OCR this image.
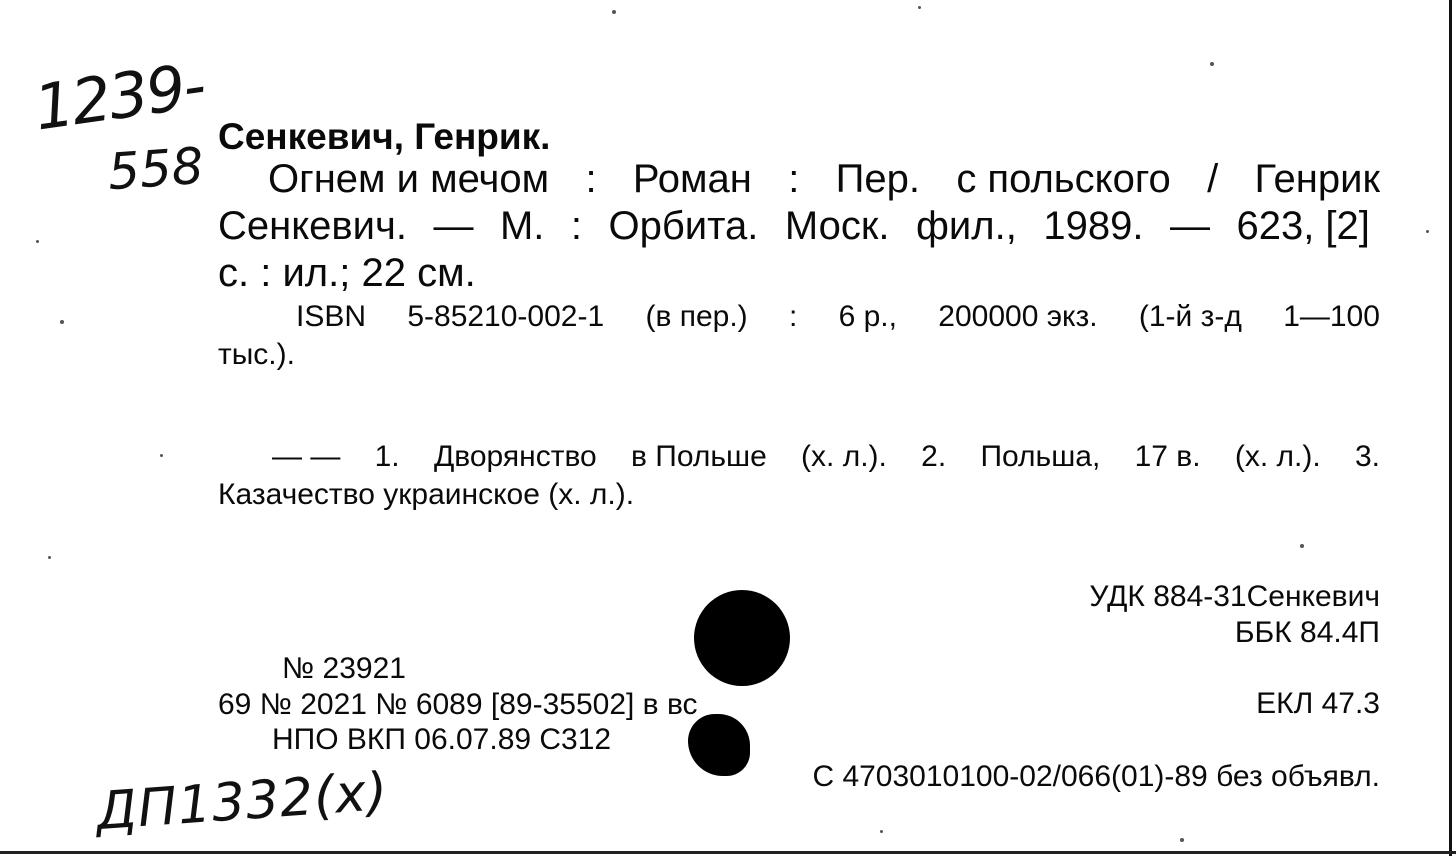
1239-
558
ДП1332(х)
Сенкевич, Генрик.
Огнем и мечом : Роман : Пер. с польского / Генрик
Сенкевич. — М. : Орбита. Моск. фил., 1989. — 623, [2]
с. : ил.; 22 см.
ISBN 5-85210-002-1 (в пер.) : 6 р., 200000 экз. (1-й з-д 1—100
тыс.).
— — 1. Дворянство в Польше (х. л.). 2. Польша, 17 в. (х. л.). 3.
Казачество украинское (х. л.).
УДК 884-31Сенкевич
ББК 84.4П
ЕКЛ 47.3
№ 23921
69 № 2021 № 6089 [89-35502] в вс
НПО ВКП 06.07.89 С312
С 4703010100-02/066(01)-89 без объявл.
